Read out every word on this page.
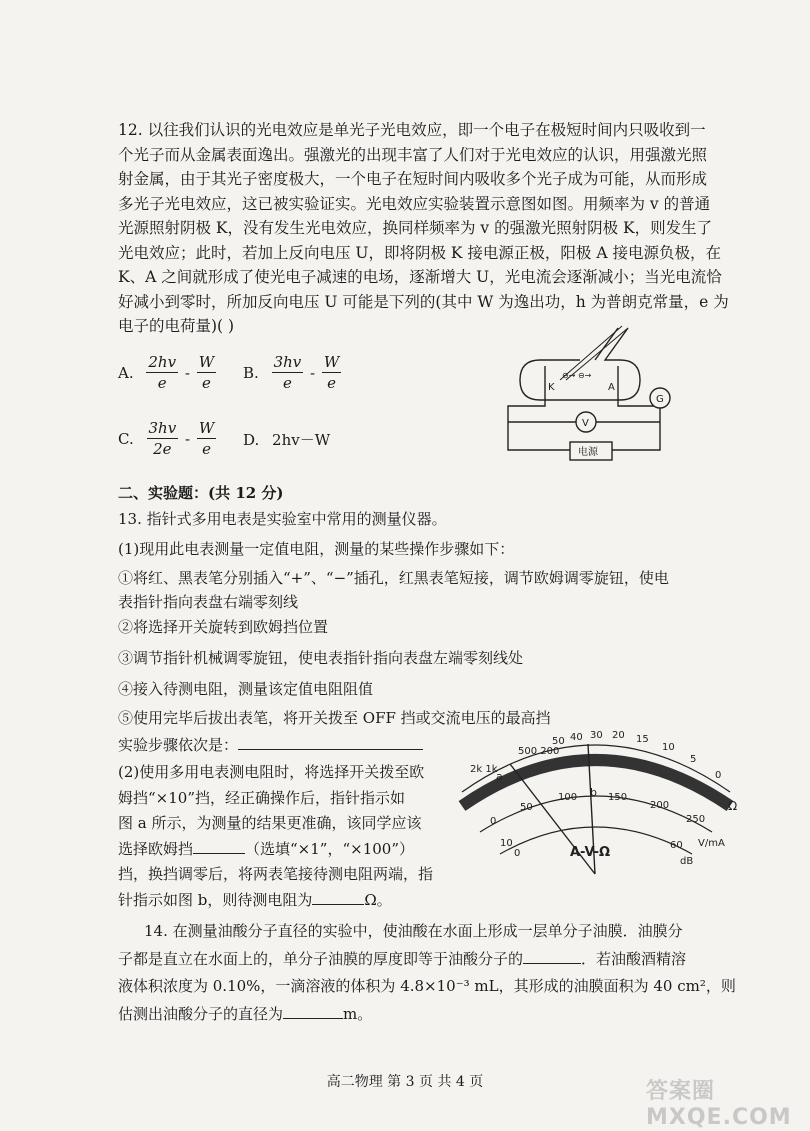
12. 以往我们认识的光电效应是单光子光电效应，即一个电子在极短时间内只吸收到一
个光子而从金属表面逸出。强激光的出现丰富了人们对于光电效应的认识，用强激光照
射金属，由于其光子密度极大，一个电子在短时间内吸收多个光子成为可能，从而形成
多光子光电效应，这已被实验证实。光电效应实验装置示意图如图。用频率为 v 的普通
光源照射阴极 K，没有发生光电效应，换同样频率为 v 的强激光照射阴极 K，则发生了
光电效应；此时，若加上反向电压 U，即将阴极 K 接电源正极，阳极 A 接电源负极，在
K、A 之间就形成了使光电子减速的电场，逐渐增大 U，光电流会逐渐减小；当光电流恰
好减小到零时，所加反向电压 U 可能是下列的(其中 W 为逸出功，h 为普朗克常量，e 为
电子的电荷量)( )
A. $\frac{2hv}{e} - \frac{W}{e} B$. $\frac{3hv}{e} - \frac{W}{e}$
C. $\frac{3hv}{2e} - \frac{W}{e} D$. 2hv－W
K	A
G
V
电源
⊖→ ⊖→
二、实验题：(共 12 分)
13. 指针式多用电表是实验室中常用的测量仪器。
(1)现用此电表测量一定值电阻，测量的某些操作步骤如下：
①将红、黑表笔分别插入“+”、“−”插孔，红黑表笔短接，调节欧姆调零旋钮，使电
表指针指向表盘右端零刻线
②将选择开关旋转到欧姆挡位置
③调节指针机械调零旋钮，使电表指针指向表盘左端零刻线处
④接入待测电阻，测量该定值电阻阻值
⑤使用完毕后拔出表笔，将开关拨至 OFF 挡或交流电压的最高挡
实验步骤依次是：
(2)使用多用电表测电阻时，将选择开关拨至欧
姆挡“×10”挡，经正确操作后，指针指示如
图 a 所示，为测量的结果更准确，该同学应该
选择欧姆挡	（选填“×1”，“×100”）
挡，换挡调零后，将两表笔接待测电阻两端，指
针指示如图 b，则待测电阻为	Ω。
2k 1k
500 200
50 40 30 20 15
10
5
0
Ω
a
b
0
50
100	150
200
250
V/mA
10
0
60
dB
A-V-Ω
14. 在测量油酸分子直径的实验中，使油酸在水面上形成一层单分子油膜．油膜分
子都是直立在水面上的，单分子油膜的厚度即等于油酸分子的	．若油酸酒精溶
液体积浓度为 0.10%，一滴溶液的体积为 4.8×10⁻³ mL，其形成的油膜面积为 40 cm²，则
估测出油酸分子的直径为	m。
高二物理 第 3 页 共 4 页	答案圈 MXQE.COM
